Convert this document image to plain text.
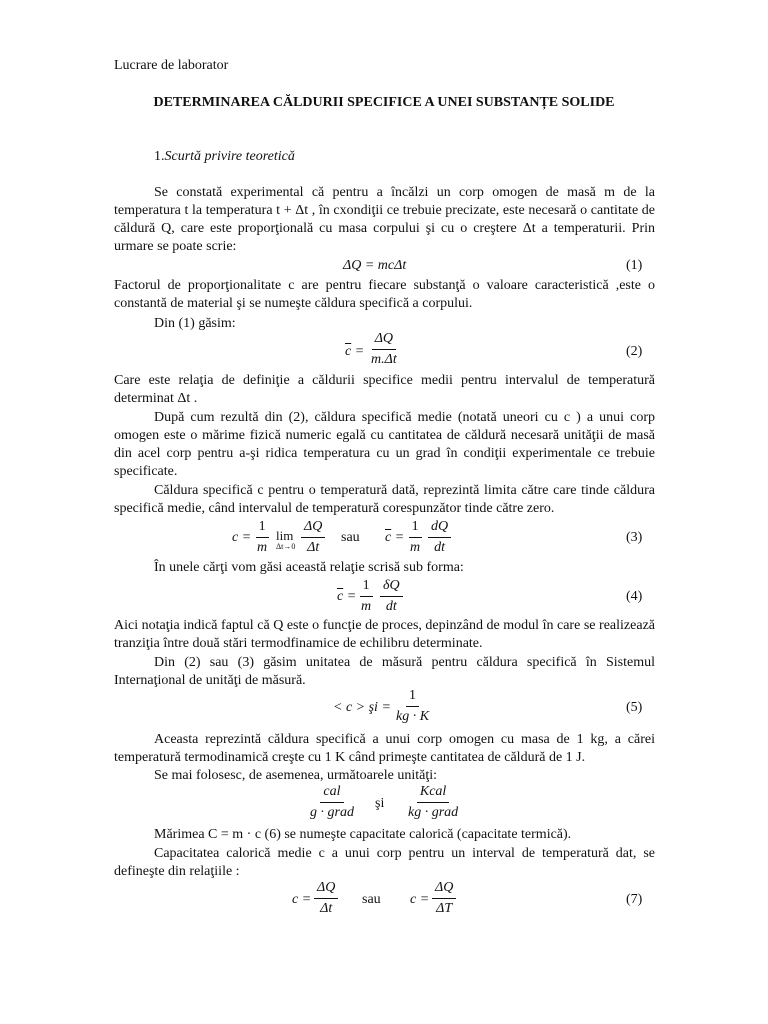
Lucrare de laborator
DETERMINAREA CĂLDURII SPECIFICE A UNEI SUBSTANȚE SOLIDE
1.Scurtă privire teoretică
Se constată experimental că pentru a încălzi un corp omogen de masă m de la temperatura t la temperatura t + Δt , în cxondiţii ce trebuie precizate, este necesară o cantitate de căldură Q, care este proporţională cu masa corpului şi cu o creştere Δt a temperaturii. Prin urmare se poate scrie:
ΔQ = mcΔt	(1)
Factorul de proporţionalitate c are pentru fiecare substanţă o valoare caracteristică ,este o constantă de material şi se numeşte căldura specifică a corpului.
Din (1) găsim:
$\overline{c} = \frac{\Delta Q}{m.\Delta t}$	(2)
Care este relaţia de definiţie a căldurii specifice medii pentru intervalul de temperatură determinat Δt .
După cum rezultă din (2), căldura specifică medie (notată uneori cu c ) a unui corp omogen este o mărime fizică numeric egală cu cantitatea de căldură necesară unităţii de masă din acel corp pentru a-şi ridica temperatura cu un grad în condiţii experimentale ce trebuie specificate.
Căldura specifică c pentru o temperatură dată, reprezintă limita către care tinde căldura specifică medie, când intervalul de temperatură corespunzător tinde către zero.
$c = \frac{1}{m}$ lim
$\Delta t\to 0 \frac{\Delta Q}{\Delta t}$ sau $\overline{c} = \frac{1}{m} \frac{dQ}{dt}$	(3)
În unele cărţi vom găsi această relaţie scrisă sub forma:
$\overline{c} = \frac{1}{m} \frac{\delta Q}{dt}$	(4)
Aici notaţia indică faptul că Q este o funcţie de proces, depinzând de modul în care se realizează tranziţia între două stări termodfinamice de echilibru determinate.
Din (2) sau (3) găsim unitatea de măsură pentru căldura specifică în Sistemul Internaţional de unităţi de măsură.
< c > şi = $\frac{1}{kg \cdot K}$	(5)
Aceasta reprezintă căldura specifică a unui corp omogen cu masa de 1 kg, a cărei temperatură termodinamică creşte cu 1 K când primeşte cantitatea de căldură de 1 J.
Se mai folosesc, de asemenea, următoarele unităţi:
cal
g · grad
şi
Kcal
kg · grad
Mărimea C = m · c (6) se numeşte capacitate calorică (capacitate termică).
Capacitatea calorică medie c a unui corp pentru un interval de temperatură dat, se defineşte din relaţiile :
$c = \frac{\Delta Q}{\Delta t}$ sau $c = \frac{\Delta Q}{\Delta T}$	(7)
